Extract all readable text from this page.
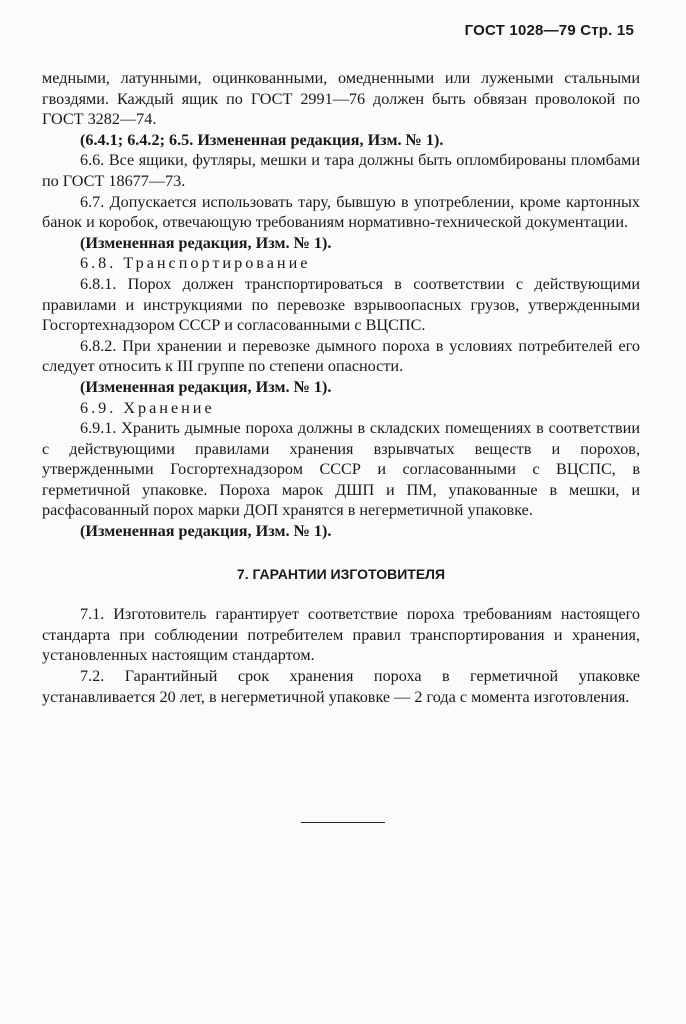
ГОСТ 1028—79 Стр. 15

медными, латунными, оцинкованными, омедненными или лужеными стальными гвоздями. Каждый ящик по ГОСТ 2991—76 должен быть обвязан проволокой по ГОСТ 3282—74.

(6.4.1; 6.4.2; 6.5. Измененная редакция, Изм. № 1).

6.6. Все ящики, футляры, мешки и тара должны быть опломбированы пломбами по ГОСТ 18677—73.

6.7. Допускается использовать тару, бывшую в употреблении, кроме картонных банок и коробок, отвечающую требованиям нормативно-технической документации.

(Измененная редакция, Изм. № 1).

6.8. Транспортирование

6.8.1. Порох должен транспортироваться в соответствии с действующими правилами и инструкциями по перевозке взрывоопасных грузов, утвержденными Госгортехнадзором СССР и согласованными с ВЦСПС.

6.8.2. При хранении и перевозке дымного пороха в условиях потребителей его следует относить к III группе по степени опасности.

(Измененная редакция, Изм. № 1).

6.9. Хранение

6.9.1. Хранить дымные пороха должны в складских помещениях в соответствии с действующими правилами хранения взрывчатых веществ и порохов, утвержденными Госгортехнадзором СССР и согласованными с ВЦСПС, в герметичной упаковке. Пороха марок ДШП и ПМ, упакованные в мешки, и расфасованный порох марки ДОП хранятся в негерметичной упаковке.

(Измененная редакция, Изм. № 1).

7. ГАРАНТИИ ИЗГОТОВИТЕЛЯ

7.1. Изготовитель гарантирует соответствие пороха требованиям настоящего стандарта при соблюдении потребителем правил транспортирования и хранения, установленных настоящим стандартом.

7.2. Гарантийный срок хранения пороха в герметичной упаковке устанавливается 20 лет, в негерметичной упаковке — 2 года с момента изготовления.
